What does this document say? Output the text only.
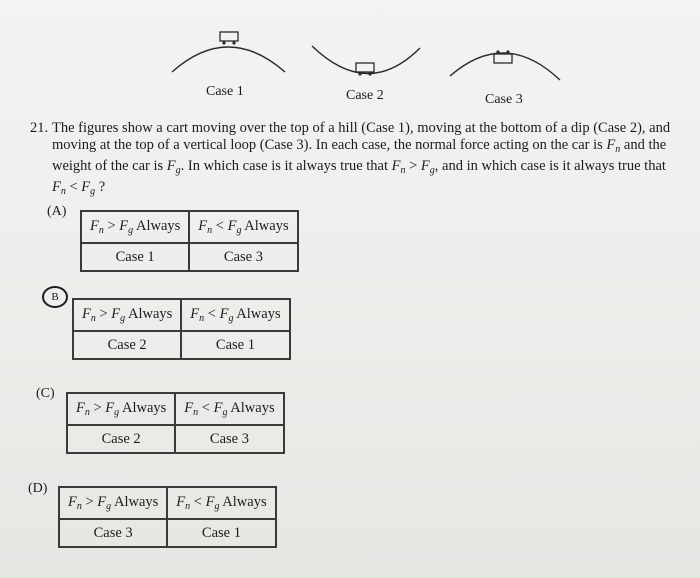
Case 1	Case 2	Case 3
21. The figures show a cart moving over the top of a hill (Case 1), moving at the bottom of a dip (Case 2), and moving at the top of a vertical loop (Case 3). In each case, the normal force acting on the car is $F_n$ and the weight of the car is $F_g$. In which case is it always true that $F_n > F_g$, and in which case is it always true that $F_n < F_g$ ?
(A)
$F_n > F_g$ Always	$F_n < F_g$ Always
Case 1	Case 3
B
$F_n > F_g$ Always	$F_n < F_g$ Always
Case 2	Case 1
(C)
$F_n > F_g$ Always	$F_n < F_g$ Always
Case 2	Case 3
(D)
$F_n > F_g$ Always	$F_n < F_g$ Always
Case 3	Case 1
